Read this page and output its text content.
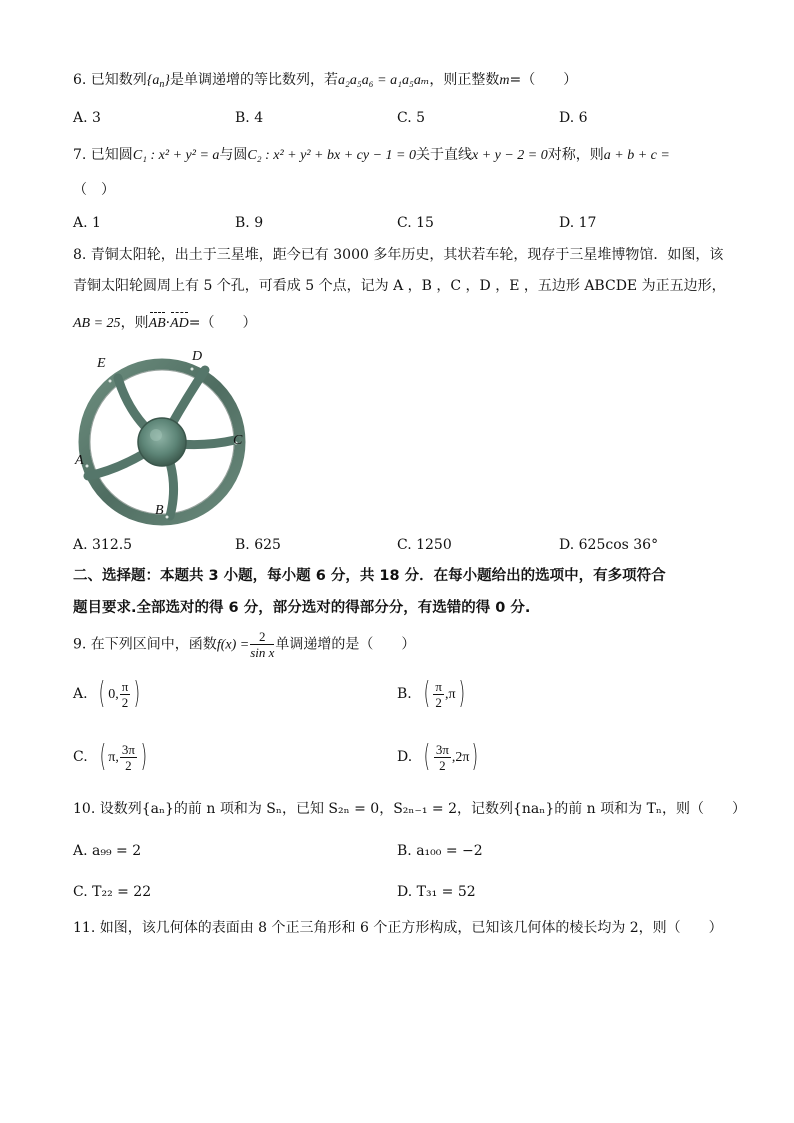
6. 已知数列$\{a_n\}$是单调递增的等比数列，若a₂a₅a₆ = a₁a₅aₘ，则正整数m=（　　）
A. 3	B. 4	C. 5	D. 6
7. 已知圆C₁ : x² + y² = a与圆C₂ : x² + y² + bx + cy − 1 = 0关于直线x + y − 2 = 0对称，则a + b + c =
（　）
A. 1	B. 9	C. 15	D. 17
8. 青铜太阳轮，出土于三星堆，距今已有 3000 多年历史，其状若车轮，现存于三星堆博物馆．如图，该
青铜太阳轮圆周上有 5 个孔，可看成 5 个点，记为 A ，B ，C ，D ，E ，五边形 ABCDE 为正五边形，
AB = 25，则AB·AD=（　　）
E	D
C
A
B
A. 312.5	B. 625	C. 1250	D. 625cos 36°
二、选择题：本题共 3 小题，每小题 6 分，共 18 分．在每小题给出的选项中，有多项符合
题目要求.全部选对的得 6 分，部分选对的得部分分，有选错的得 0 分.
9. 在下列区间中，函数$f(x) = \frac{2}{\text{sin x}}$ 单调递增的是（　　）
A. ( 0, $\frac{\pi}{2}$ )	B. ( $\frac{\pi}{2} ,\pi$)
C. ( π, $\frac{3\pi}{2}$ )	D. ( $\frac{3\pi}{2} ,2\pi$)
10. 设数列{aₙ}的前 n 项和为 Sₙ，已知 S₂ₙ = 0，S₂ₙ₋₁ = 2，记数列{naₙ}的前 n 项和为 Tₙ，则（　　）
A. a₉₉ = 2	B. a₁₀₀ = −2
C. T₂₂ = 22	D. T₃₁ = 52
11. 如图，该几何体的表面由 8 个正三角形和 6 个正方形构成，已知该几何体的棱长均为 2，则（　　）
